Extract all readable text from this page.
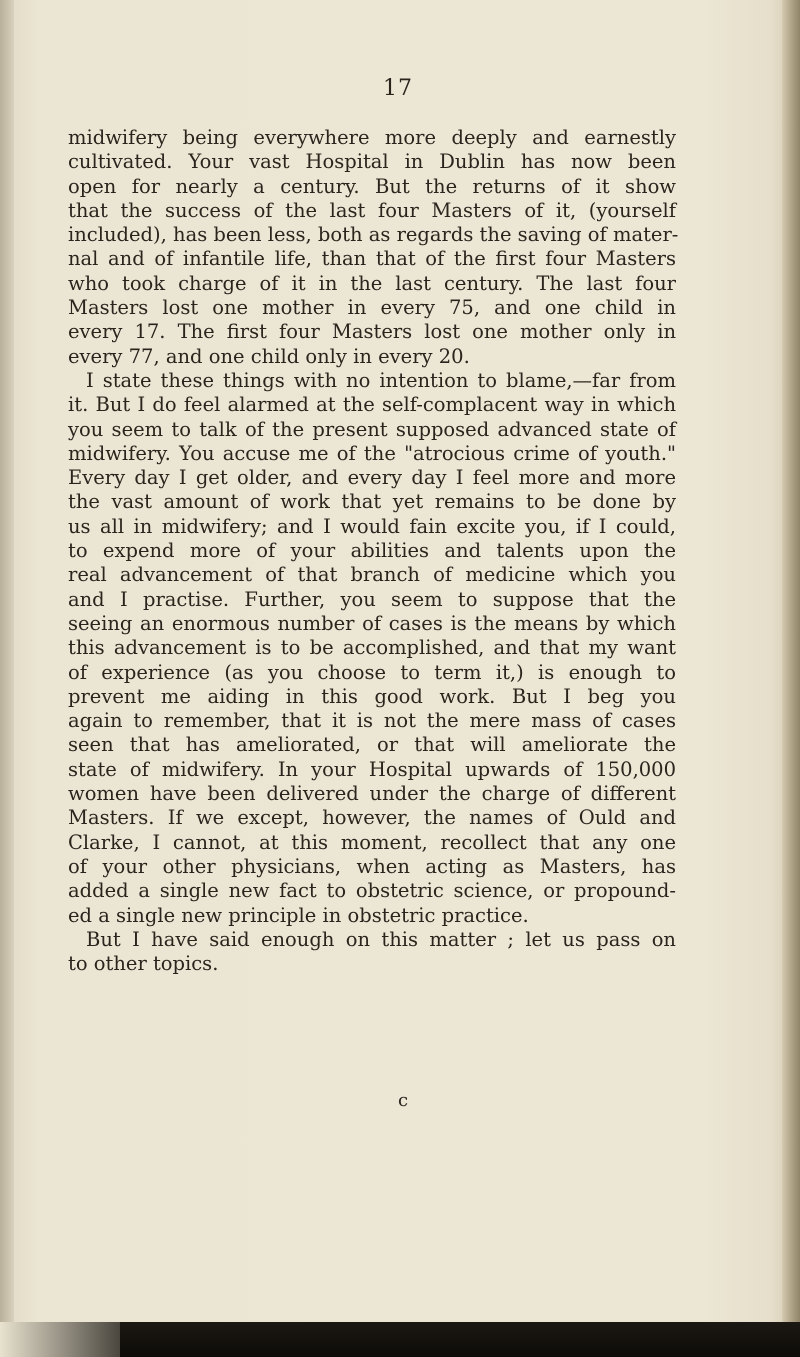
17
midwifery being everywhere more deeply and earnestly
cultivated. Your vast Hospital in Dublin has now been
open for nearly a century. But the returns of it show
that the success of the last four Masters of it, (yourself
included), has been less, both as regards the saving of mater-
nal and of infantile life, than that of the first four Masters
who took charge of it in the last century. The last four
Masters lost one mother in every 75, and one child in
every 17. The first four Masters lost one mother only in
every 77, and one child only in every 20.
I state these things with no intention to blame,—far from
it. But I do feel alarmed at the self-complacent way in which
you seem to talk of the present supposed advanced state of
midwifery. You accuse me of the "atrocious crime of youth."
Every day I get older, and every day I feel more and more
the vast amount of work that yet remains to be done by
us all in midwifery; and I would fain excite you, if I could,
to expend more of your abilities and talents upon the
real advancement of that branch of medicine which you
and I practise. Further, you seem to suppose that the
seeing an enormous number of cases is the means by which
this advancement is to be accomplished, and that my want
of experience (as you choose to term it,) is enough to
prevent me aiding in this good work. But I beg you
again to remember, that it is not the mere mass of cases
seen that has ameliorated, or that will ameliorate the
state of midwifery. In your Hospital upwards of 150,000
women have been delivered under the charge of different
Masters. If we except, however, the names of Ould and
Clarke, I cannot, at this moment, recollect that any one
of your other physicians, when acting as Masters, has
added a single new fact to obstetric science, or propound-
ed a single new principle in obstetric practice.
But I have said enough on this matter ; let us pass on
to other topics.
c
